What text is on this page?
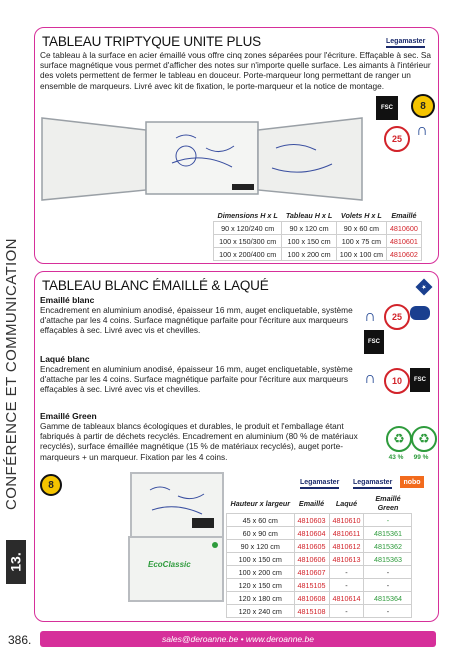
CONFÉRENCE ET COMMUNICATION
13.
TABLEAU TRIPTYQUE UNITE PLUS	Legamaster
Ce tableau à la surface en acier émaillé vous offre cinq zones séparées pour l'écriture. Effaçable à sec. Sa surface magnétique vous permet d'afficher des notes sur n'importe quelle surface. Les aimants à l'intérieur des volets permettent de fermer le tableau en douceur. Porte-marqueur long permettant de ranger un ensemble de marqueurs. Livré avec kit de fixation, le porte-marqueur et la notice de montage.
FSC	8
25 ∩
Dimensions H x L	Tableau H x L	Volets H x L	Emaillé
90 x 120/240 cm	90 x 120 cm	90 x 60 cm	4810600
100 x 150/300 cm	100 x 150 cm	100 x 75 cm	4810601
100 x 200/400 cm	100 x 200 cm	100 x 100 cm	4810602
TABLEAU BLANC ÉMAILLÉ & LAQUÉ	★
Emaillé blanc
Encadrement en aluminium anodisé, épaisseur 16 mm, auget encliquetable, système d'attache par les 4 coins. Surface magnétique parfaite pour l'écriture aux marqueurs effaçables à sec. Livré avec vis et chevilles.
Laqué blanc
Encadrement en aluminium anodisé, épaisseur 16 mm, auget encliquetable, système d'attache par les 4 coins. Surface magnétique parfaite pour l'écriture aux marqueurs effaçables à sec. Livré avec vis et chevilles.
Emaillé Green
Gamme de tableaux blancs écologiques et durables, le produit et l'emballage étant fabriqués à partir de déchets recyclés. Encadrement en aluminium (80 % de matériaux recyclés), surface émaillée magnétique (15 % de matériaux recyclés), auget porte-marqueurs + un marqueur. Fixation par les 4 coins.
∩	25
FSC
∩	10	FSC
♻	♻
43 %	99 %
8	Legamaster Legamaster	nobo
EcoClassic
Hauteur x largeur	Emaillé	Laqué	Emaillé Green
45 x 60 cm	4810603	4810610	-
60 x 90 cm	4810604	4810611	4815361
90 x 120 cm	4810605	4810612	4815362
100 x 150 cm	4810606	4810613	4815363
100 x 200 cm	4810607	-	-
120 x 150 cm	4815105	-	-
120 x 180 cm	4810608	4810614	4815364
120 x 240 cm	4815108	-	-
386.	sales@deroanne.be • www.deroanne.be
